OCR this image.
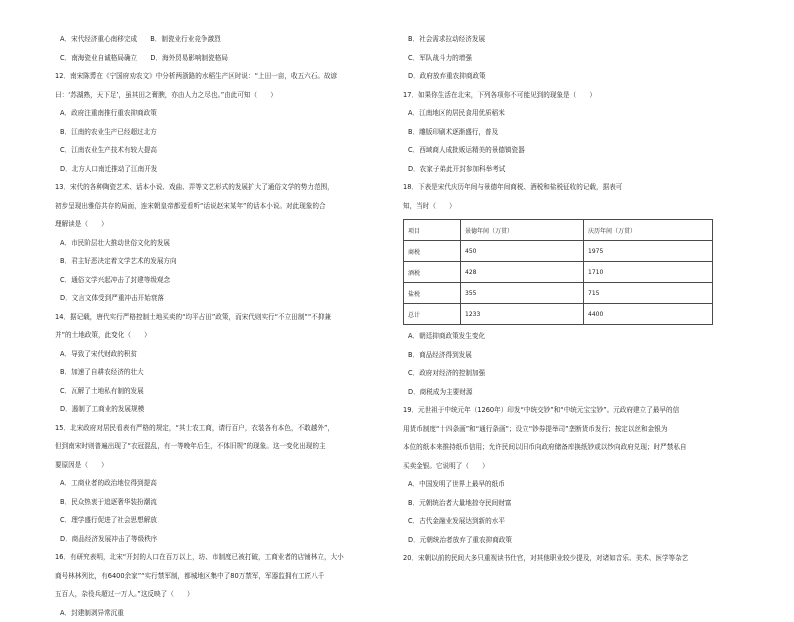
A．宋代经济重心南移完成　　B．制瓷业行业竞争激烈

C．南海瓷业自诚格局确立　　D．海外贸易影响制瓷格局

12．南宋陈旉在《宁国府劝农文》中分析两浙路的水稻生产区时说：“上田一亩，收五六石。故谚

曰：‘苏湖熟，天下足’，虽其田之膏腴，亦由人力之尽也。”由此可知（　　）

A．政府注重南推行重农抑商政策

B．江南的农业生产已经超过北方

C．江南农业生产技术有较大提高

D．北方人口南迁推动了江南开发

13．宋代的各种陶瓷艺术、话本小说、戏曲、弄等文艺形式的发展扩大了通俗文学的势力范围，

初步呈现出雅俗共存的局面，连宋朝皇帝都爱看听“话说赵宋某年”的话本小说。对此现象的合

理解读是（　　）

A．市民阶层壮大推动世俗文化的发展

B．君主好恶决定着文学艺术的发展方向

C．通俗文学兴起冲击了封建等级观念

D．文言文体受到严重冲击开始衰落

14．据记载，唐代实行严格控制土地买卖的“均平占田”政策，而宋代则实行“不立田制”“不抑兼

并”的土地政策，此变化（　　）

A．导致了宋代财政的积贫

B．加速了自耕农经济的壮大

C．瓦解了土地私有制的发展

D．遏制了工商业的发展规模

15．北宋政府对居民看表有严格的规定，“其士农工商，请行百户，衣装各有本色，不敢越外”，

但到南宋时则普遍出现了“衣冠混乱，有一等晚年后生，不体旧规”的现象。这一变化出现的主

要原因是（　　）

A．工商业者的政治地位得到提高

B．民众热衷于追逐奢华装扮潮流

C．理学盛行促进了社会思想解放

D．商品经济发展冲击了等级秩序

16．有研究表明，北宋“开封的人口在百万以上，坊、市制度已被打破，工商业者的店铺林立，大小

商号林林列比，有6400余家”“实行禁军制，都城地区集中了80万禁军，军器监拥有工匠八千

五百人，杂役兵超过一万人。”这反映了（　　）

A．封建制剥异常沉重

B．社会需求拉动经济发展

C．军队战斗力的增强

D．政府放弃重农抑商政策

17．如果你生活在北宋，下列各项你不可能见到的现象是（　　）

A．江南地区的居民食用优质稻米

B．雕版印刷术逐渐盛行，普及

C．西域商人成批贩运精美的景德镇瓷器

D．农家子弟此开封参加科举考试

18．下表是宋代庆历年间与景德年间商税、酒税和盐税征收的记载，据表可

知，当时（　　）

项目	景德年间（万贯）	庆历年间（万贯）
商税	450	1975
酒税	428	1710
盐税	355	715
总计	1233	4400

A．朝廷抑商政策发生变化

B．商品经济得到发展

C．政府对经济的控制加强

D．商税成为主要财源

19．元世祖于中统元年（1260年）印发“中统交钞”和“中统元宝宝钞”。元政府建立了最早的信

用货币制度“十四条画”和“通行条画”；设立“钞券提举司”垄断货币发行；按定以丝和金银为

本位的纸本来推持纸币信用；允许民间以旧币向政府储备库换纸钞或以纱向政府兑现；时严禁私自

买卖金银。它说明了（　　）

A．中国发明了世界上最早的纸币

B．元朝统治者大量地掠夺民间财富

C．古代金融业发展达到新的水平

D．元朝统治者放弃了重农抑商政策

20．宋朝以前的民间大多只重视读书仕官，对其他职业较少提及，对诸如音乐、美术、医学等杂艺
